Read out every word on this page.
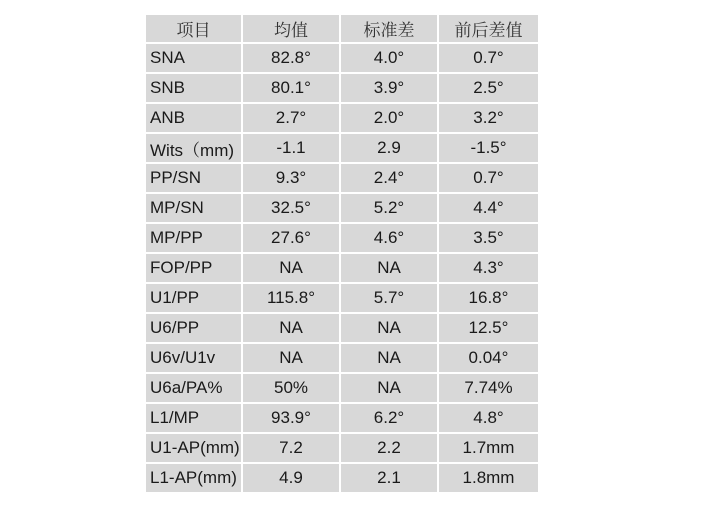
项目	均值	标准差	前后差值
SNA	82.8°	4.0°	0.7°
SNB	80.1°	3.9°	2.5°
ANB	2.7°	2.0°	3.2°
Wits（mm)	-1.1	2.9	-1.5°
PP/SN	9.3°	2.4°	0.7°
MP/SN	32.5°	5.2°	4.4°
MP/PP	27.6°	4.6°	3.5°
FOP/PP	NA	NA	4.3°
U1/PP	115.8°	5.7°	16.8°
U6/PP	NA	NA	12.5°
U6v/U1v	NA	NA	0.04°
U6a/PA%	50%	NA	7.74%
L1/MP	93.9°	6.2°	4.8°
U1-AP(mm)	7.2	2.2	1.7mm
L1-AP(mm)	4.9	2.1	1.8mm
